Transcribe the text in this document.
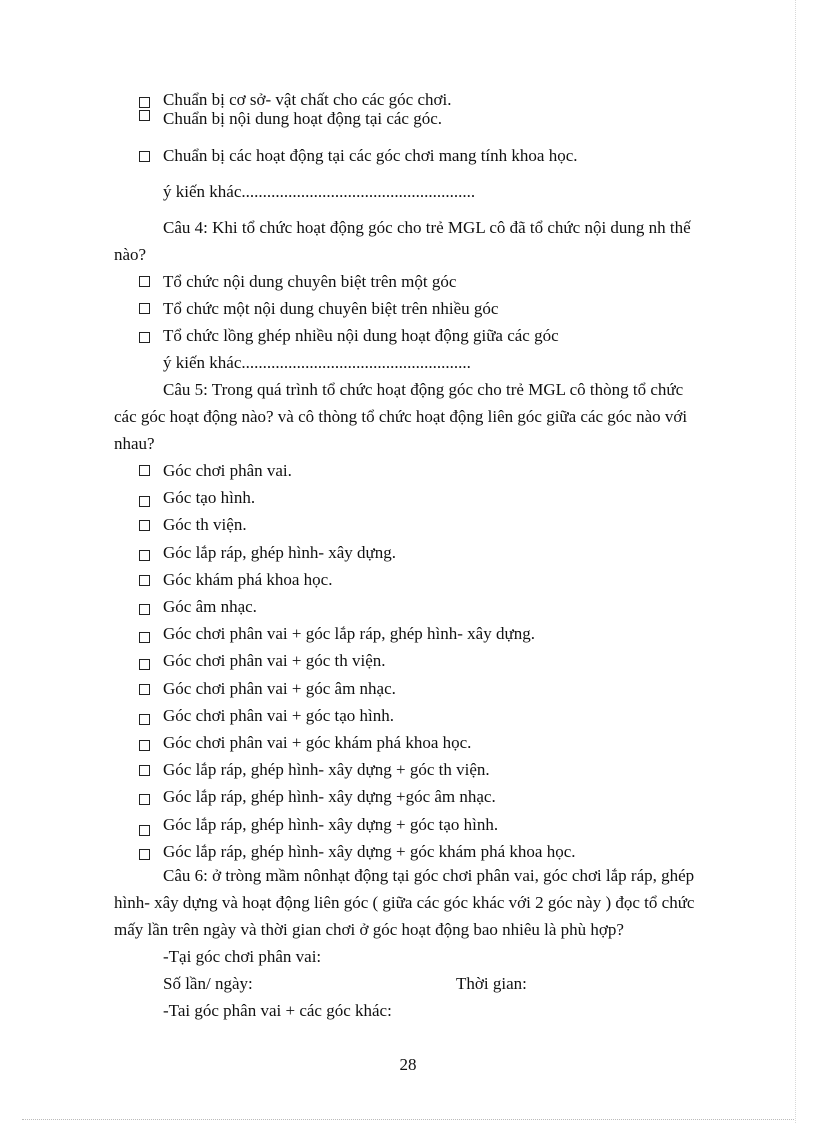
Chuẩn bị cơ sở- vật chất cho các góc chơi.
Chuẩn bị nội dung hoạt động tại các góc.
Chuẩn bị các hoạt động tại các góc chơi mang tính khoa học.
ý kiến khác.......................................................
Câu 4: Khi tổ chức hoạt động góc cho trẻ MGL cô đã tổ chức nội dung nh thế
nào?
Tổ chức nội dung chuyên biệt trên một góc
Tổ chức một nội dung chuyên biệt trên nhiều góc
Tổ chức lồng ghép nhiều nội dung hoạt động giữa các góc
ý kiến khác......................................................
Câu 5: Trong quá trình tổ chức hoạt động góc cho trẻ MGL cô thòng tổ chức
các góc hoạt động nào? và cô thòng tổ chức hoạt động liên góc giữa các góc nào với
nhau?
Góc chơi phân vai.
Góc tạo hình.
Góc th viện.
Góc lắp ráp, ghép hình- xây dựng.
Góc khám phá khoa học.
Góc âm nhạc.
Góc chơi phân vai + góc lắp ráp, ghép hình- xây dựng.
Góc chơi phân vai + góc th viện.
Góc chơi phân vai + góc âm nhạc.
Góc chơi phân vai + góc tạo hình.
Góc chơi phân vai + góc khám phá khoa học.
Góc lắp ráp, ghép hình- xây dựng + góc th viện.
Góc lắp ráp, ghép hình- xây dựng +góc âm nhạc.
Góc lắp ráp, ghép hình- xây dựng + góc tạo hình.
Góc lắp ráp, ghép hình- xây dựng + góc khám phá khoa học.
Câu 6: ở tròng mầm nônhạt động tại góc chơi phân vai, góc chơi lắp ráp, ghép
hình- xây dựng và hoạt động liên góc ( giữa các góc khác với 2 góc này ) đọc tổ chức
mấy lần trên ngày và thời gian chơi ở góc hoạt động bao nhiêu là phù hợp?
-Tại góc chơi phân vai:
Số lần/ ngày:	Thời gian:
-Tai góc phân vai + các góc khác:
28
